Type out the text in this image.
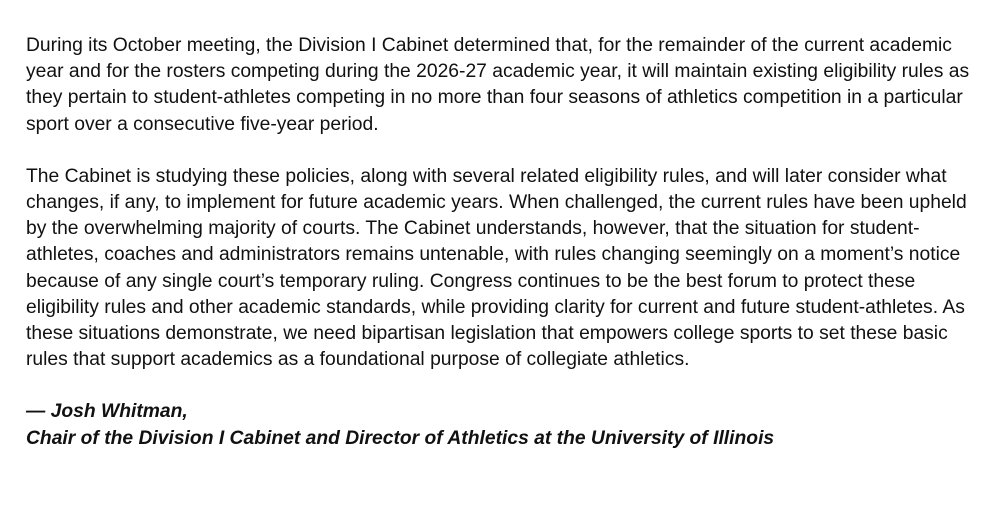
During its October meeting, the Division I Cabinet determined that, for the remainder of the current academic year and for the rosters competing during the 2026-27 academic year, it will maintain existing eligibility rules as they pertain to student-athletes competing in no more than four seasons of athletics competition in a particular sport over a consecutive five-year period.

The Cabinet is studying these policies, along with several related eligibility rules, and will later consider what changes, if any, to implement for future academic years. When challenged, the current rules have been upheld by the overwhelming majority of courts. The Cabinet understands, however, that the situation for student-athletes, coaches and administrators remains untenable, with rules changing seemingly on a moment’s notice because of any single court’s temporary ruling. Congress continues to be the best forum to protect these eligibility rules and other academic standards, while providing clarity for current and future student-athletes. As these situations demonstrate, we need bipartisan legislation that empowers college sports to set these basic rules that support academics as a foundational purpose of collegiate athletics.

— Josh Whitman,
Chair of the Division I Cabinet and Director of Athletics at the University of Illinois
